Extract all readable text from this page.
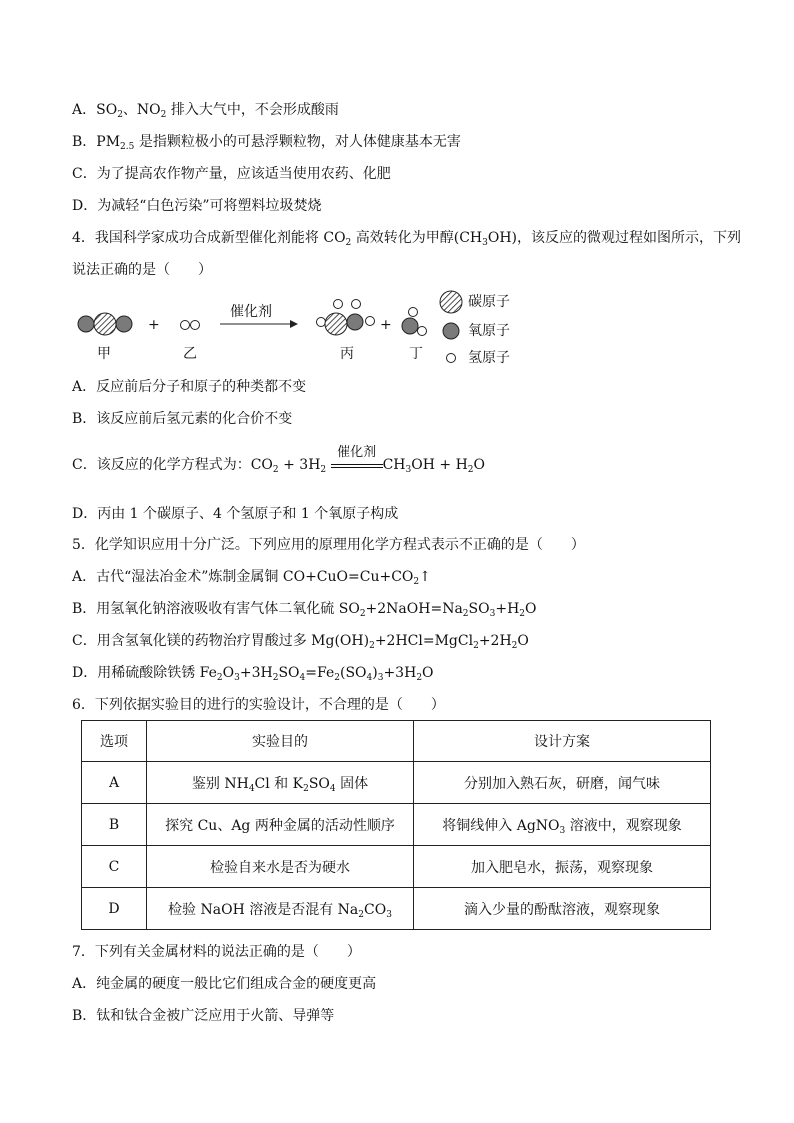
A．$SO_2$、$NO_2$ 排入大气中，不会形成酸雨
B．$PM_{2.5}$ 是指颗粒极小的可悬浮颗粒物，对人体健康基本无害
C．为了提高农作物产量，应该适当使用农药、化肥
D．为减轻“白色污染”可将塑料垃圾焚烧
4．我国科学家成功合成新型催化剂能将 $CO_2$ 高效转化为甲醇$(CH_3OH)$，该反应的微观过程如图所示，下列
说法正确的是（　　）
+
催化剂
+
甲	乙	丙	丁
碳原子
氧原子
氢原子
A．反应前后分子和原子的种类都不变
B．该反应前后氢元素的化合价不变
C．该反应的化学方程式为：$CO_2 + 3H_2$
催化剂
$CH_3OH + H_2O$
D．丙由 1 个碳原子、4 个氢原子和 1 个氧原子构成
5．化学知识应用十分广泛。下列应用的原理用化学方程式表示不正确的是（　　）
A．古代“湿法冶金术”炼制金属铜 $CO+CuO=Cu+CO_2↑$
B．用氢氧化钠溶液吸收有害气体二氧化硫 $SO_2+2NaOH=Na_2SO_3+H_2O$
C．用含氢氧化镁的药物治疗胃酸过多 $Mg(OH)_2+2HCl=MgCl_2+2H_2O$
D．用稀硫酸除铁锈 $Fe_2O_3+3H_2SO_4=Fe_2(SO_4)_3+3H_2O$
6．下列依据实验目的进行的实验设计，不合理的是（　　）
选项	实验目的	设计方案
A	鉴别 $NH_4Cl$ 和 $K_2SO_4$ 固体	分别加入熟石灰，研磨，闻气味
B	探究 Cu、Ag 两种金属的活动性顺序	将铜线伸入 AgNO$_3$ 溶液中，观察现象
C	检验自来水是否为硬水	加入肥皂水，振荡，观察现象
D	检验 NaOH 溶液是否混有 $Na_2CO_3$	滴入少量的酚酞溶液，观察现象
7．下列有关金属材料的说法正确的是（　　）
A．纯金属的硬度一般比它们组成合金的硬度更高
B．钛和钛合金被广泛应用于火箭、导弹等
